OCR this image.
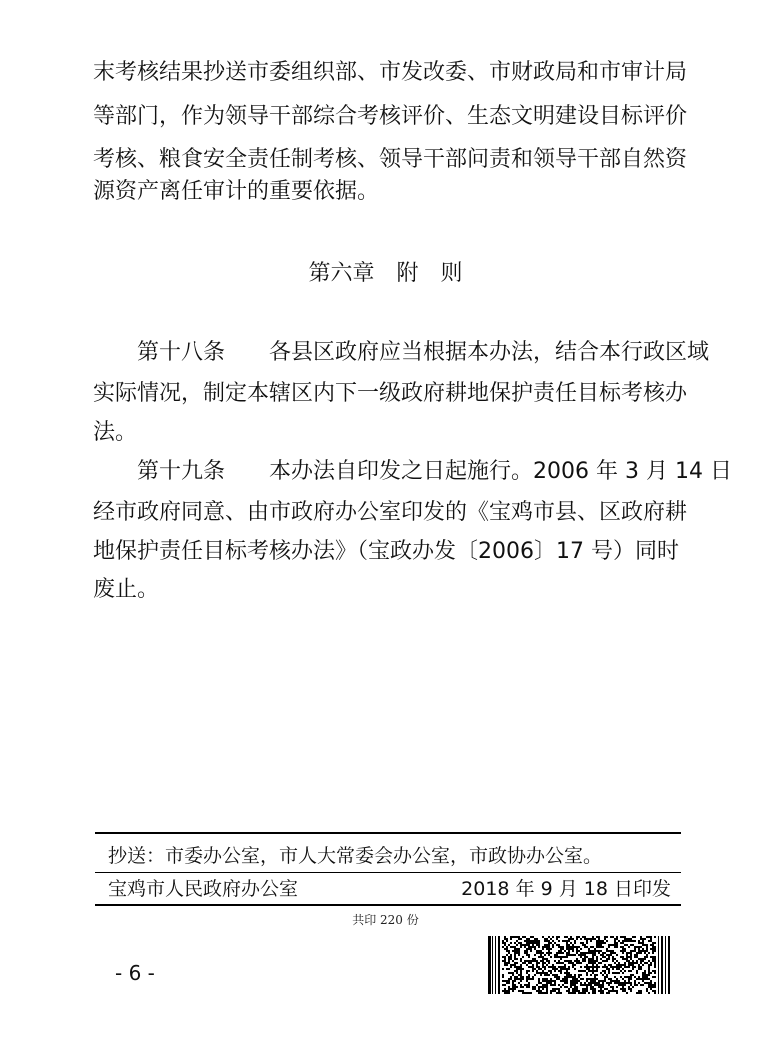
末考核结果抄送市委组织部、市发改委、市财政局和市审计局
等部门，作为领导干部综合考核评价、生态文明建设目标评价
考核、粮食安全责任制考核、领导干部问责和领导干部自然资
源资产离任审计的重要依据。
第六章　附　则
　　第十八条　　各县区政府应当根据本办法，结合本行政区域
实际情况，制定本辖区内下一级政府耕地保护责任目标考核办
法。
　　第十九条　　本办法自印发之日起施行。2006 年 3 月 14 日
经市政府同意、由市政府办公室印发的《宝鸡市县、区政府耕
地保护责任目标考核办法》（宝政办发〔2006〕17 号）同时
废止。
抄送：市委办公室，市人大常委会办公室，市政协办公室。
宝鸡市人民政府办公室	2018 年 9 月 18 日印发
共印 220 份
- 6 -
